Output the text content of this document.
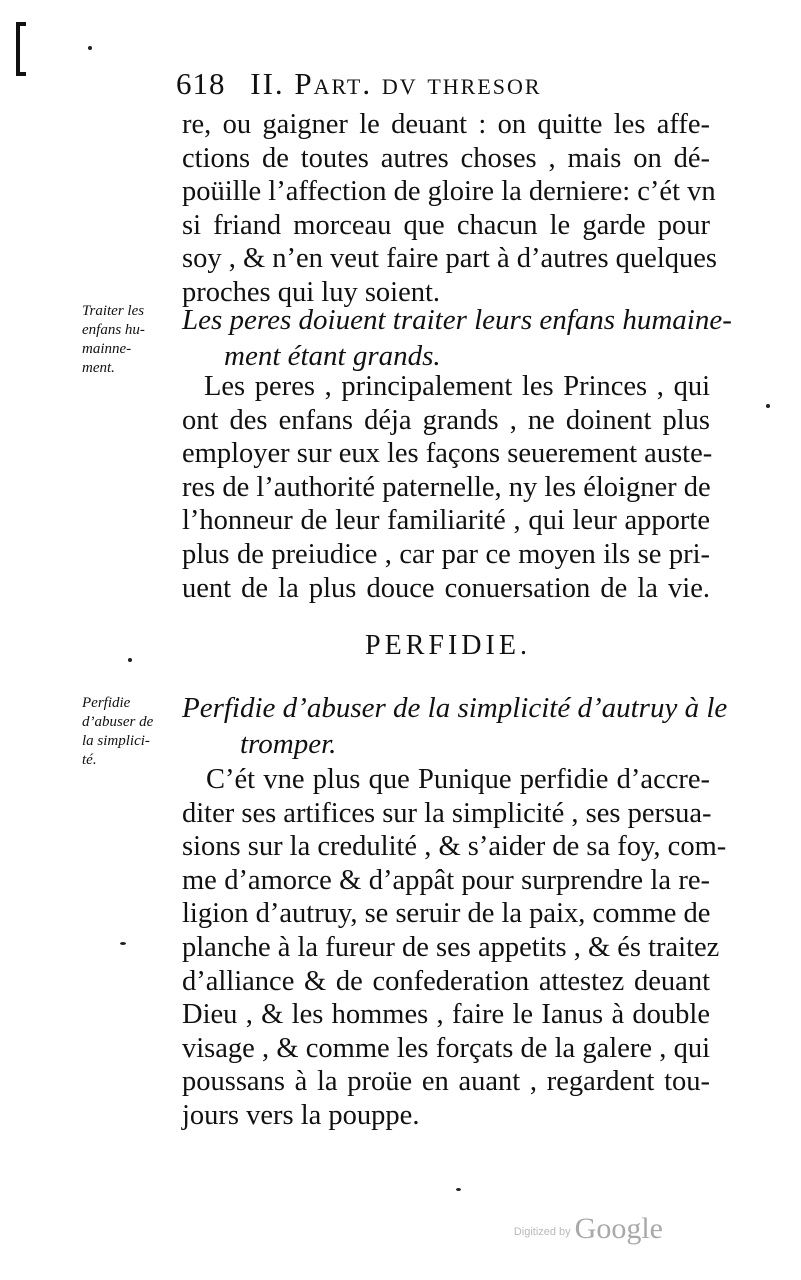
618 II. Part. dv thresor
re, ou gaigner le deuant : on quitte les affe-
ctions de toutes autres choses , mais on dé-
poüille l’affection de gloire la derniere: c’ét vn
si friand morceau que chacun le garde pour
soy , & n’en veut faire part à d’autres quelques
proches qui luy soient.
Traiter les
enfans hu-
mainne-
ment.
Les peres doiuent traiter leurs enfans humaine-
ment étant grands.
Les peres , principalement les Princes , qui
ont des enfans déja grands , ne doinent plus
employer sur eux les façons seuerement auste-
res de l’authorité paternelle, ny les éloigner de
l’honneur de leur familiarité , qui leur apporte
plus de preiudice , car par ce moyen ils se pri-
uent de la plus douce conuersation de la vie.
PERFIDIE.
Perfidie
d’abuser de
la simplici-
té.
Perfidie d’abuser de la simplicité d’autruy à le
tromper.
C’ét vne plus que Punique perfidie d’accre-
diter ses artifices sur la simplicité , ses persua-
sions sur la credulité , & s’aider de sa foy, com-
me d’amorce & d’appât pour surprendre la re-
ligion d’autruy, se seruir de la paix, comme de
planche à la fureur de ses appetits , & és traitez
d’alliance & de confederation attestez deuant
Dieu , & les hommes , faire le Ianus à double
visage , & comme les forçats de la galere , qui
poussans à la proüe en auant , regardent tou-
jours vers la pouppe.
Digitized by Google
